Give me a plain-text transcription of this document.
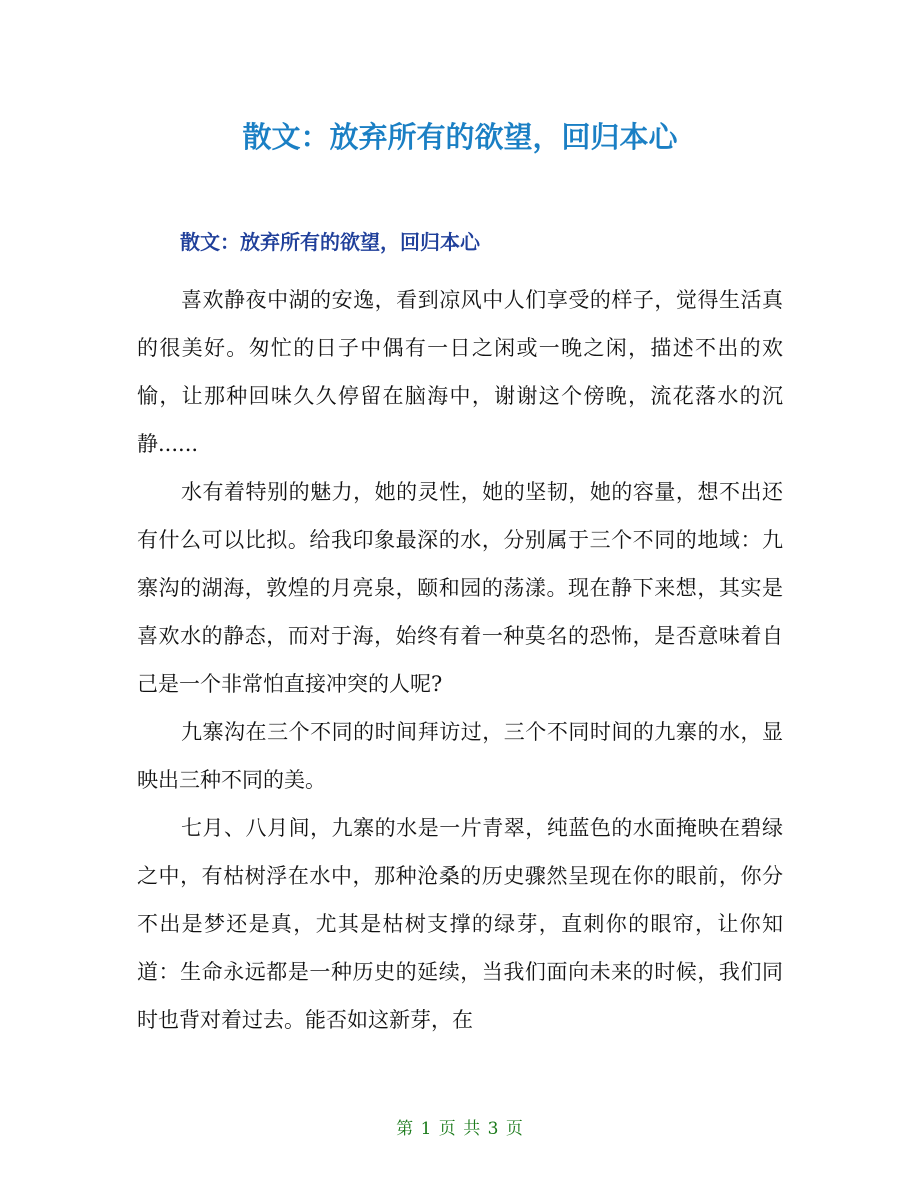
散文：放弃所有的欲望，回归本心
散文：放弃所有的欲望，回归本心

喜欢静夜中湖的安逸，看到凉风中人们享受的样子，觉得生活真的很美好。匆忙的日子中偶有一日之闲或一晚之闲，描述不出的欢愉，让那种回味久久停留在脑海中，谢谢这个傍晚，流花落水的沉静......

水有着特别的魅力，她的灵性，她的坚韧，她的容量，想不出还有什么可以比拟。给我印象最深的水，分别属于三个不同的地域：九寨沟的湖海，敦煌的月亮泉，颐和园的荡漾。现在静下来想，其实是喜欢水的静态，而对于海，始终有着一种莫名的恐怖，是否意味着自己是一个非常怕直接冲突的人呢?

九寨沟在三个不同的时间拜访过，三个不同时间的九寨的水，显映出三种不同的美。

七月、八月间，九寨的水是一片青翠，纯蓝色的水面掩映在碧绿之中，有枯树浮在水中，那种沧桑的历史骤然呈现在你的眼前，你分不出是梦还是真，尤其是枯树支撑的绿芽，直刺你的眼帘，让你知道：生命永远都是一种历史的延续，当我们面向未来的时候，我们同时也背对着过去。能否如这新芽，在

第 1 页 共 3 页
